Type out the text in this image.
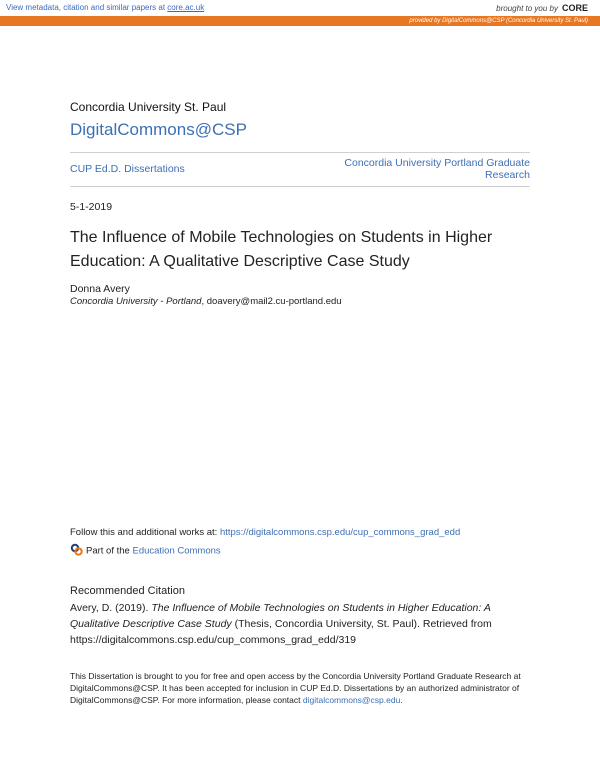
View metadata, citation and similar papers at core.ac.uk	brought to you by CORE
provided by DigitalCommons@CSP (Concordia University St. Paul)
Concordia University St. Paul
DigitalCommons@CSP
CUP Ed.D. Dissertations	Concordia University Portland Graduate Research
5-1-2019
The Influence of Mobile Technologies on Students in Higher Education: A Qualitative Descriptive Case Study
Donna Avery
Concordia University - Portland, doavery@mail2.cu-portland.edu
Follow this and additional works at: https://digitalcommons.csp.edu/cup_commons_grad_edd
Part of the Education Commons
Recommended Citation
Avery, D. (2019). The Influence of Mobile Technologies on Students in Higher Education: A Qualitative Descriptive Case Study (Thesis, Concordia University, St. Paul). Retrieved from https://digitalcommons.csp.edu/cup_commons_grad_edd/319
This Dissertation is brought to you for free and open access by the Concordia University Portland Graduate Research at DigitalCommons@CSP. It has been accepted for inclusion in CUP Ed.D. Dissertations by an authorized administrator of DigitalCommons@CSP. For more information, please contact digitalcommons@csp.edu.
